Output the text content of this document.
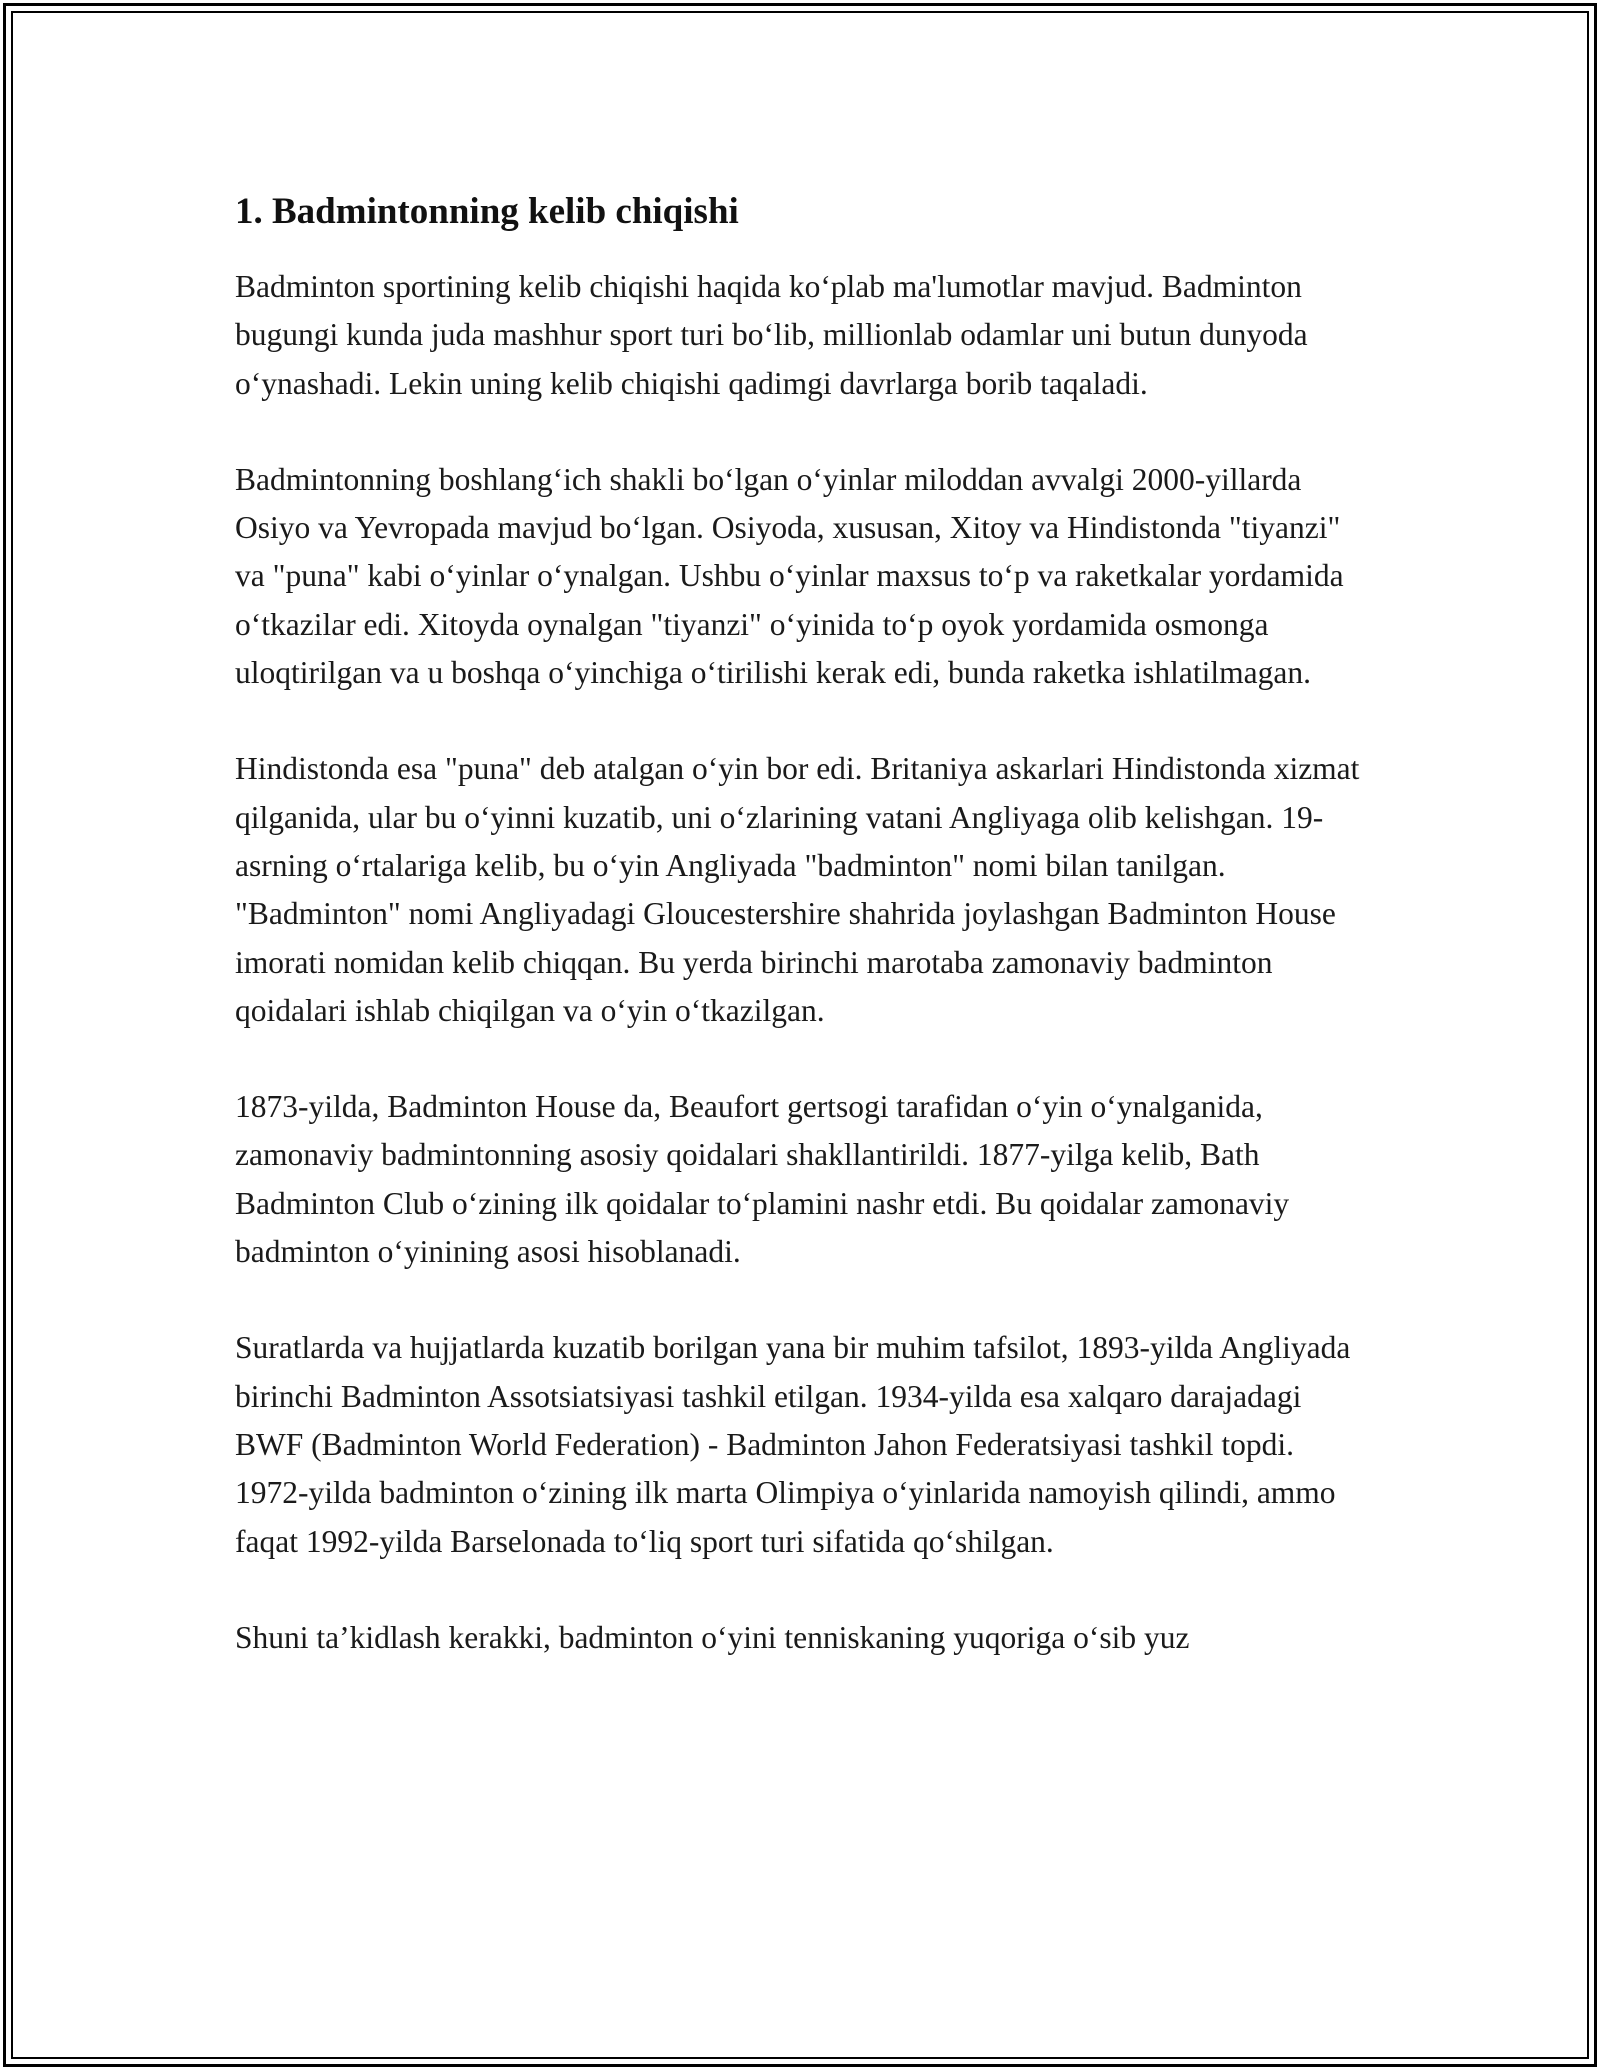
1. Badmintonning kelib chiqishi

Badminton sportining kelib chiqishi haqida ko‘plab ma'lumotlar mavjud. Badminton bugungi kunda juda mashhur sport turi bo‘lib, millionlab odamlar uni butun dunyoda o‘ynashadi. Lekin uning kelib chiqishi qadimgi davrlarga borib taqaladi.

Badmintonning boshlang‘ich shakli bo‘lgan o‘yinlar miloddan avvalgi 2000-yillarda Osiyo va Yevropada mavjud bo‘lgan. Osiyoda, xususan, Xitoy va Hindistonda "tiyanzi" va "puna" kabi o‘yinlar o‘ynalgan. Ushbu o‘yinlar maxsus to‘p va raketkalar yordamida o‘tkazilar edi. Xitoyda oynalgan "tiyanzi" o‘yinida to‘p oyok yordamida osmonga uloqtirilgan va u boshqa o‘yinchiga o‘tirilishi kerak edi, bunda raketka ishlatilmagan.

Hindistonda esa "puna" deb atalgan o‘yin bor edi. Britaniya askarlari Hindistonda xizmat qilganida, ular bu o‘yinni kuzatib, uni o‘zlarining vatani Angliyaga olib kelishgan. 19-asrning o‘rtalariga kelib, bu o‘yin Angliyada "badminton" nomi bilan tanilgan. "Badminton" nomi Angliyadagi Gloucestershire shahrida joylashgan Badminton House imorati nomidan kelib chiqqan. Bu yerda birinchi marotaba zamonaviy badminton qoidalari ishlab chiqilgan va o‘yin o‘tkazilgan.

1873-yilda, Badminton House da, Beaufort gertsogi tarafidan o‘yin o‘ynalganida, zamonaviy badmintonning asosiy qoidalari shakllantirildi. 1877-yilga kelib, Bath Badminton Club o‘zining ilk qoidalar to‘plamini nashr etdi. Bu qoidalar zamonaviy badminton o‘yinining asosi hisoblanadi.

Suratlarda va hujjatlarda kuzatib borilgan yana bir muhim tafsilot, 1893-yilda Angliyada birinchi Badminton Assotsiatsiyasi tashkil etilgan. 1934-yilda esa xalqaro darajadagi BWF (Badminton World Federation) - Badminton Jahon Federatsiyasi tashkil topdi. 1972-yilda badminton o‘zining ilk marta Olimpiya o‘yinlarida namoyish qilindi, ammo faqat 1992-yilda Barselonada to‘liq sport turi sifatida qo‘shilgan.

Shuni ta’kidlash kerakki, badminton o‘yini tenniskaning yuqoriga o‘sib yuz
